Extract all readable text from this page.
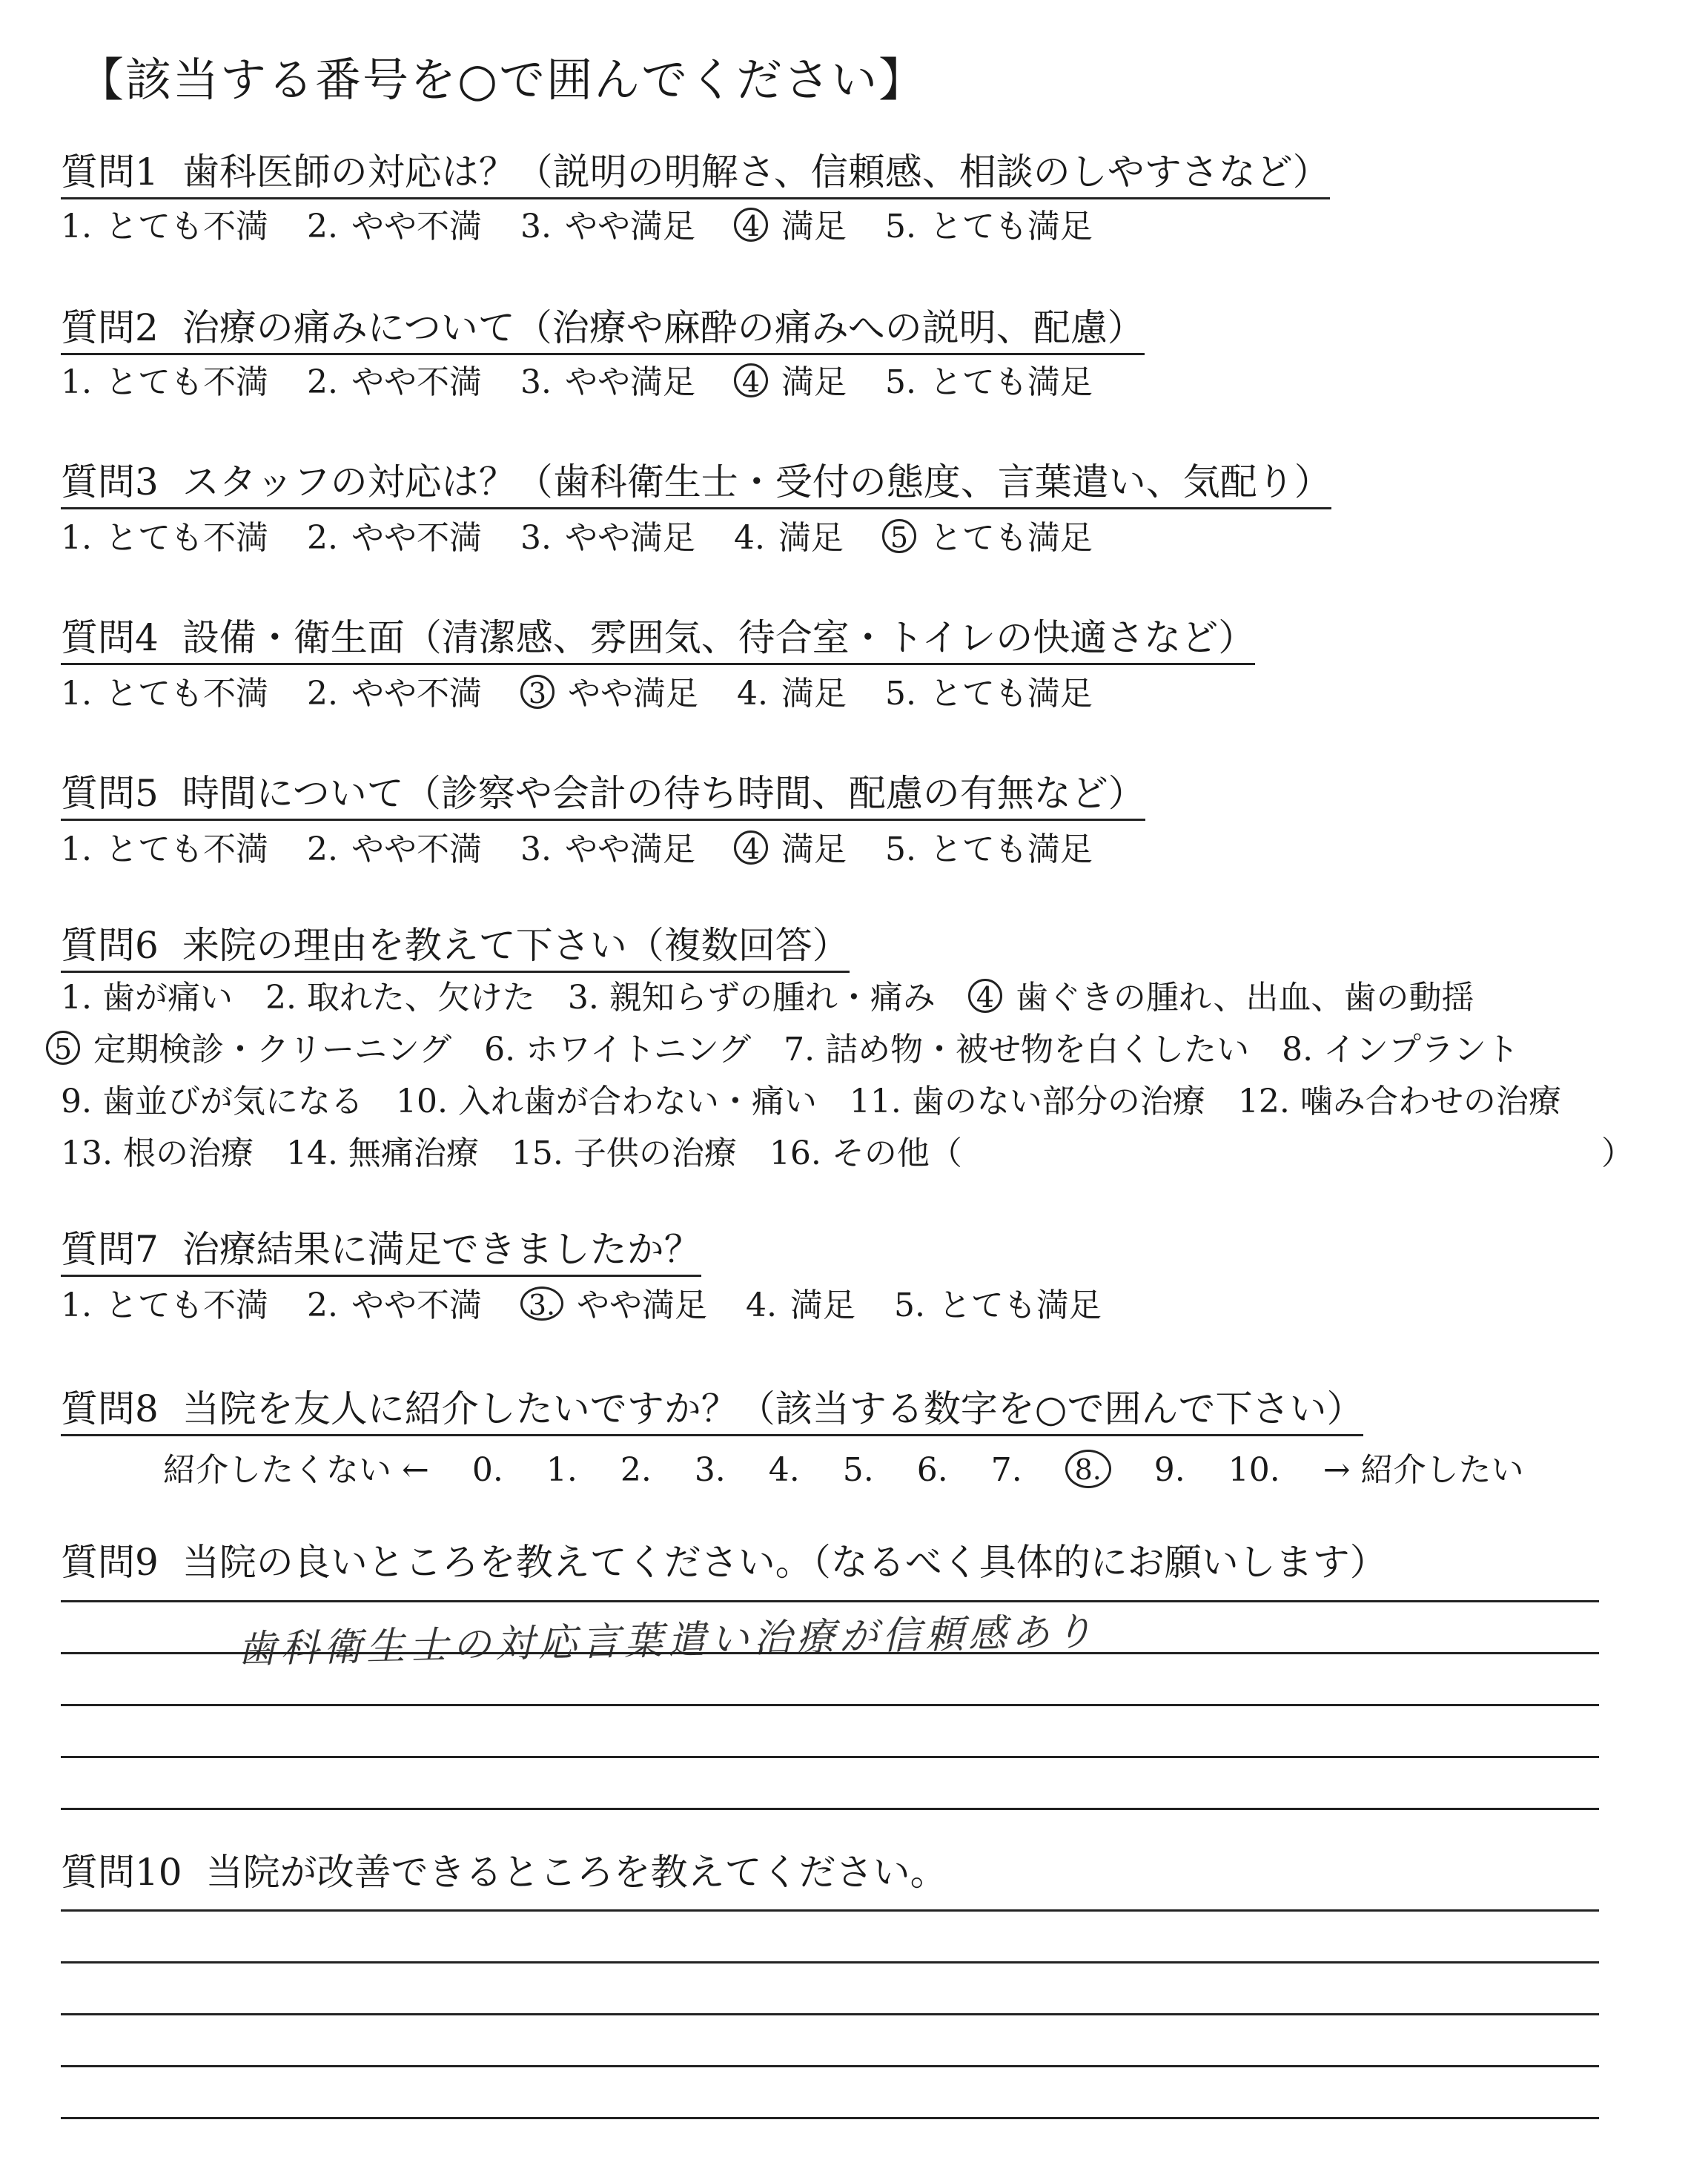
【該当する番号を○で囲んでください】
質問1 歯科医師の対応は？（説明の明解さ、信頼感、相談のしやすさなど）
1. とても不満 2. やや不満 3. やや満足 4 満足 5. とても満足
質問2 治療の痛みについて（治療や麻酔の痛みへの説明、配慮）
1. とても不満 2. やや不満 3. やや満足 4 満足 5. とても満足
質問3 スタッフの対応は？（歯科衛生士・受付の態度、言葉遣い、気配り）
1. とても不満 2. やや不満 3. やや満足 4. 満足 5 とても満足
質問4 設備・衛生面（清潔感、雰囲気、待合室・トイレの快適さなど）
1. とても不満 2. やや不満 3 やや満足 4. 満足 5. とても満足
質問5 時間について（診察や会計の待ち時間、配慮の有無など）
1. とても不満 2. やや不満 3. やや満足 4 満足 5. とても満足
質問6 来院の理由を教えて下さい（複数回答）
1. 歯が痛い　2. 取れた、欠けた　3. 親知らずの腫れ・痛み 4 歯ぐきの腫れ、出血、歯の動揺
5 定期検診・クリーニング　6. ホワイトニング　7. 詰め物・被せ物を白くしたい　8. インプラント
9. 歯並びが気になる　10. 入れ歯が合わない・痛い　11. 歯のない部分の治療　12. 噛み合わせの治療
13. 根の治療　14. 無痛治療　15. 子供の治療　16. その他（	）
質問7 治療結果に満足できましたか？
1. とても不満 2. やや不満 3. やや満足 4. 満足 5. とても満足
質問8 当院を友人に紹介したいですか？（該当する数字を○で囲んで下さい）
紹介したくない ← 0. 1. 2. 3. 4. 5. 6. 7. 8. 9. 10. → 紹介したい
質問9 当院の良いところを教えてください。（なるべく具体的にお願いします）
歯科衛生士の対応言葉遣い治療が信頼感あり
質問10 当院が改善できるところを教えてください。
